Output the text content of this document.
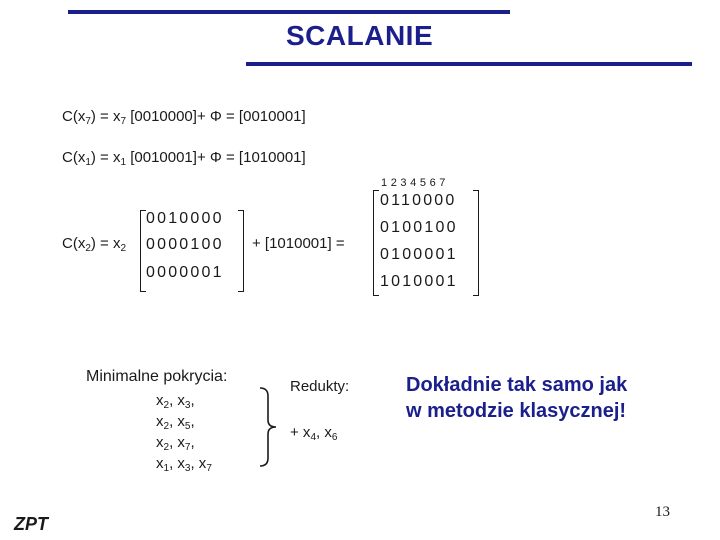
SCALANIE
$C(x_7) = x_7$ [0010000]+ Φ = [0010001]
$C(x_1) = x_1$ [0010001]+ Φ = [1010001]
$C(x_2) = x_2$
0010000
0000100
0000001
+ [1010001] =
1234567
0110000
0100100
0100001
1010001
Minimalne pokrycia:
$x_2$, $x_3$,
$x_2$, $x_5$,
$x_2$, $x_7$,
$x_1$, $x_3$, $x_7$
Redukty:
+ $x_4$, $x_6$
Dokładnie tak samo jak
w metodzie klasycznej!
13
ZPT
